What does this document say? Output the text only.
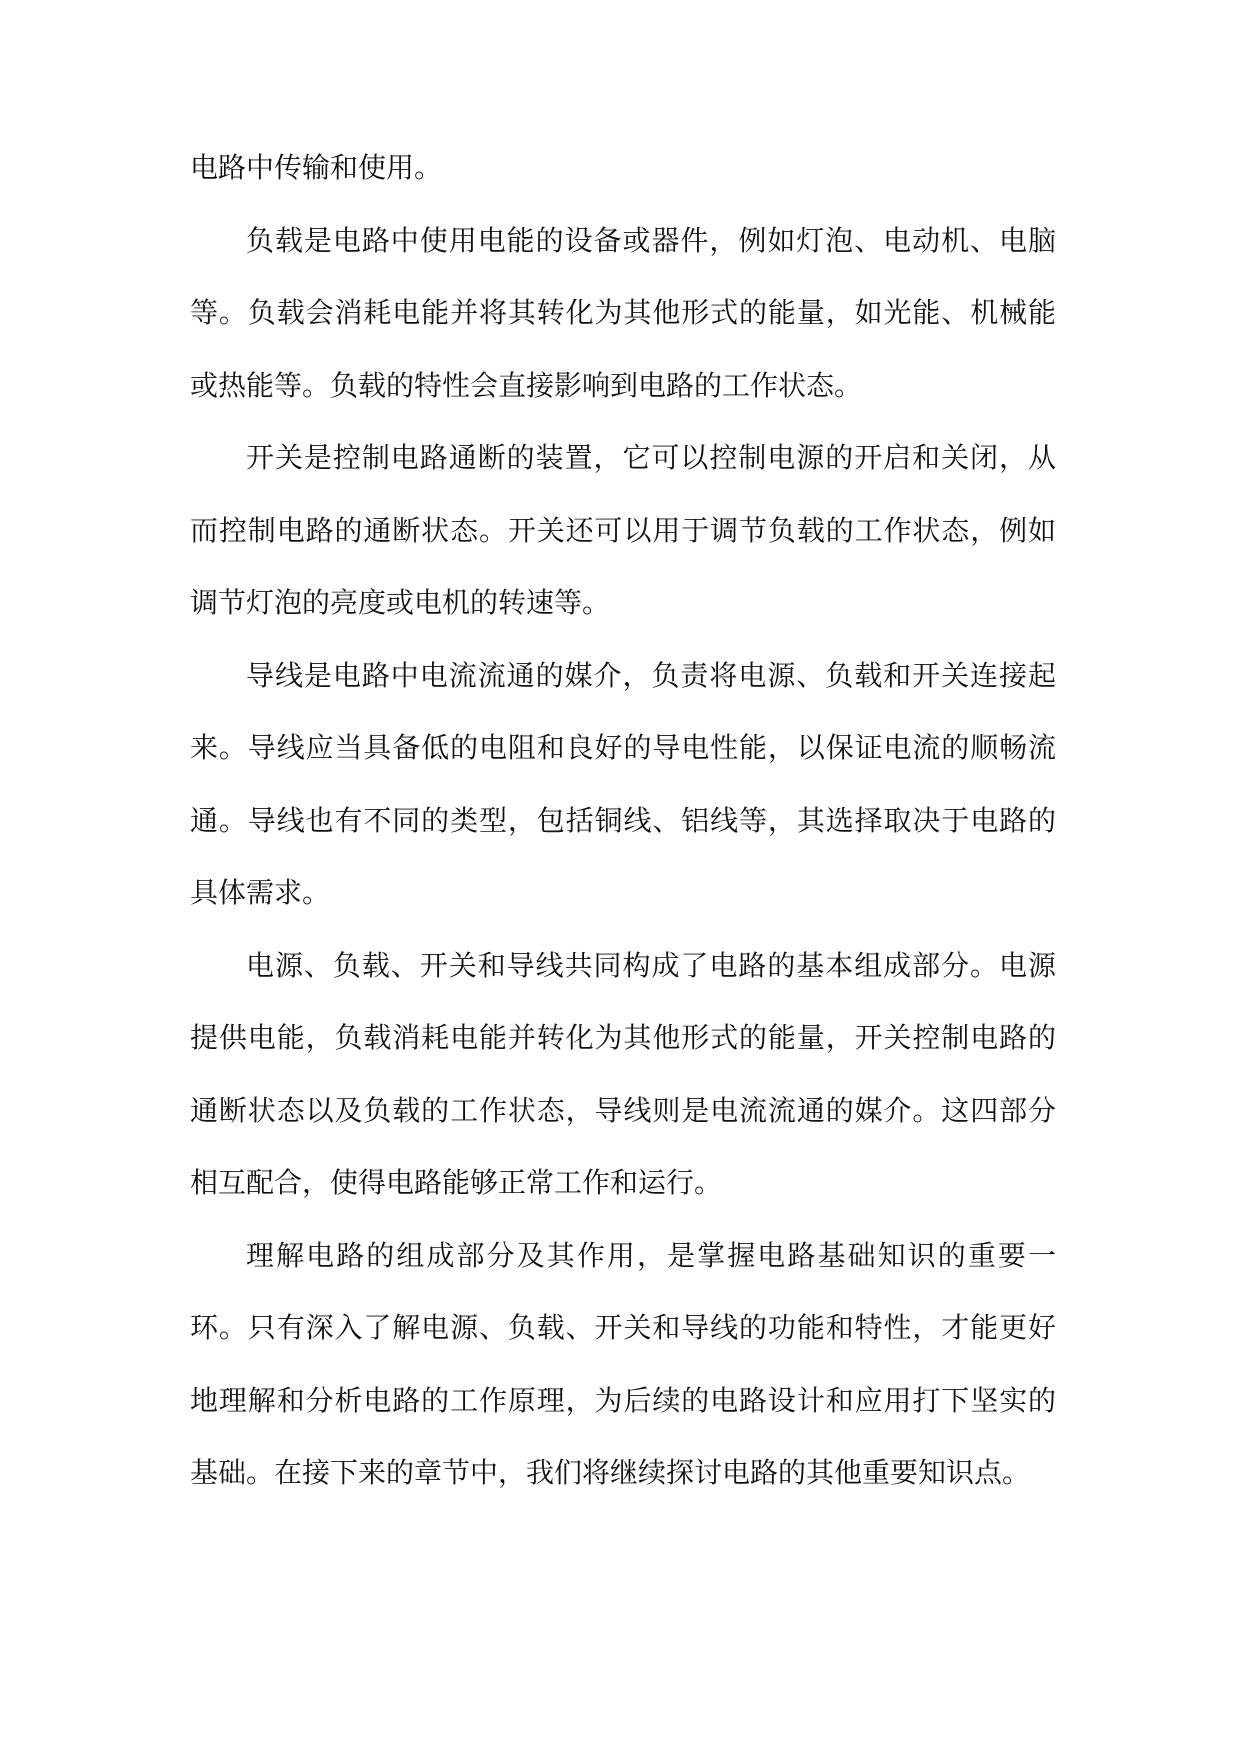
电路中传输和使用。

负载是电路中使用电能的设备或器件，例如灯泡、电动机、电脑等。负载会消耗电能并将其转化为其他形式的能量，如光能、机械能或热能等。负载的特性会直接影响到电路的工作状态。

开关是控制电路通断的装置，它可以控制电源的开启和关闭，从而控制电路的通断状态。开关还可以用于调节负载的工作状态，例如调节灯泡的亮度或电机的转速等。

导线是电路中电流流通的媒介，负责将电源、负载和开关连接起来。导线应当具备低的电阻和良好的导电性能，以保证电流的顺畅流通。导线也有不同的类型，包括铜线、铝线等，其选择取决于电路的具体需求。

电源、负载、开关和导线共同构成了电路的基本组成部分。电源提供电能，负载消耗电能并转化为其他形式的能量，开关控制电路的通断状态以及负载的工作状态，导线则是电流流通的媒介。这四部分相互配合，使得电路能够正常工作和运行。

理解电路的组成部分及其作用，是掌握电路基础知识的重要一环。只有深入了解电源、负载、开关和导线的功能和特性，才能更好地理解和分析电路的工作原理，为后续的电路设计和应用打下坚实的基础。在接下来的章节中，我们将继续探讨电路的其他重要知识点。
